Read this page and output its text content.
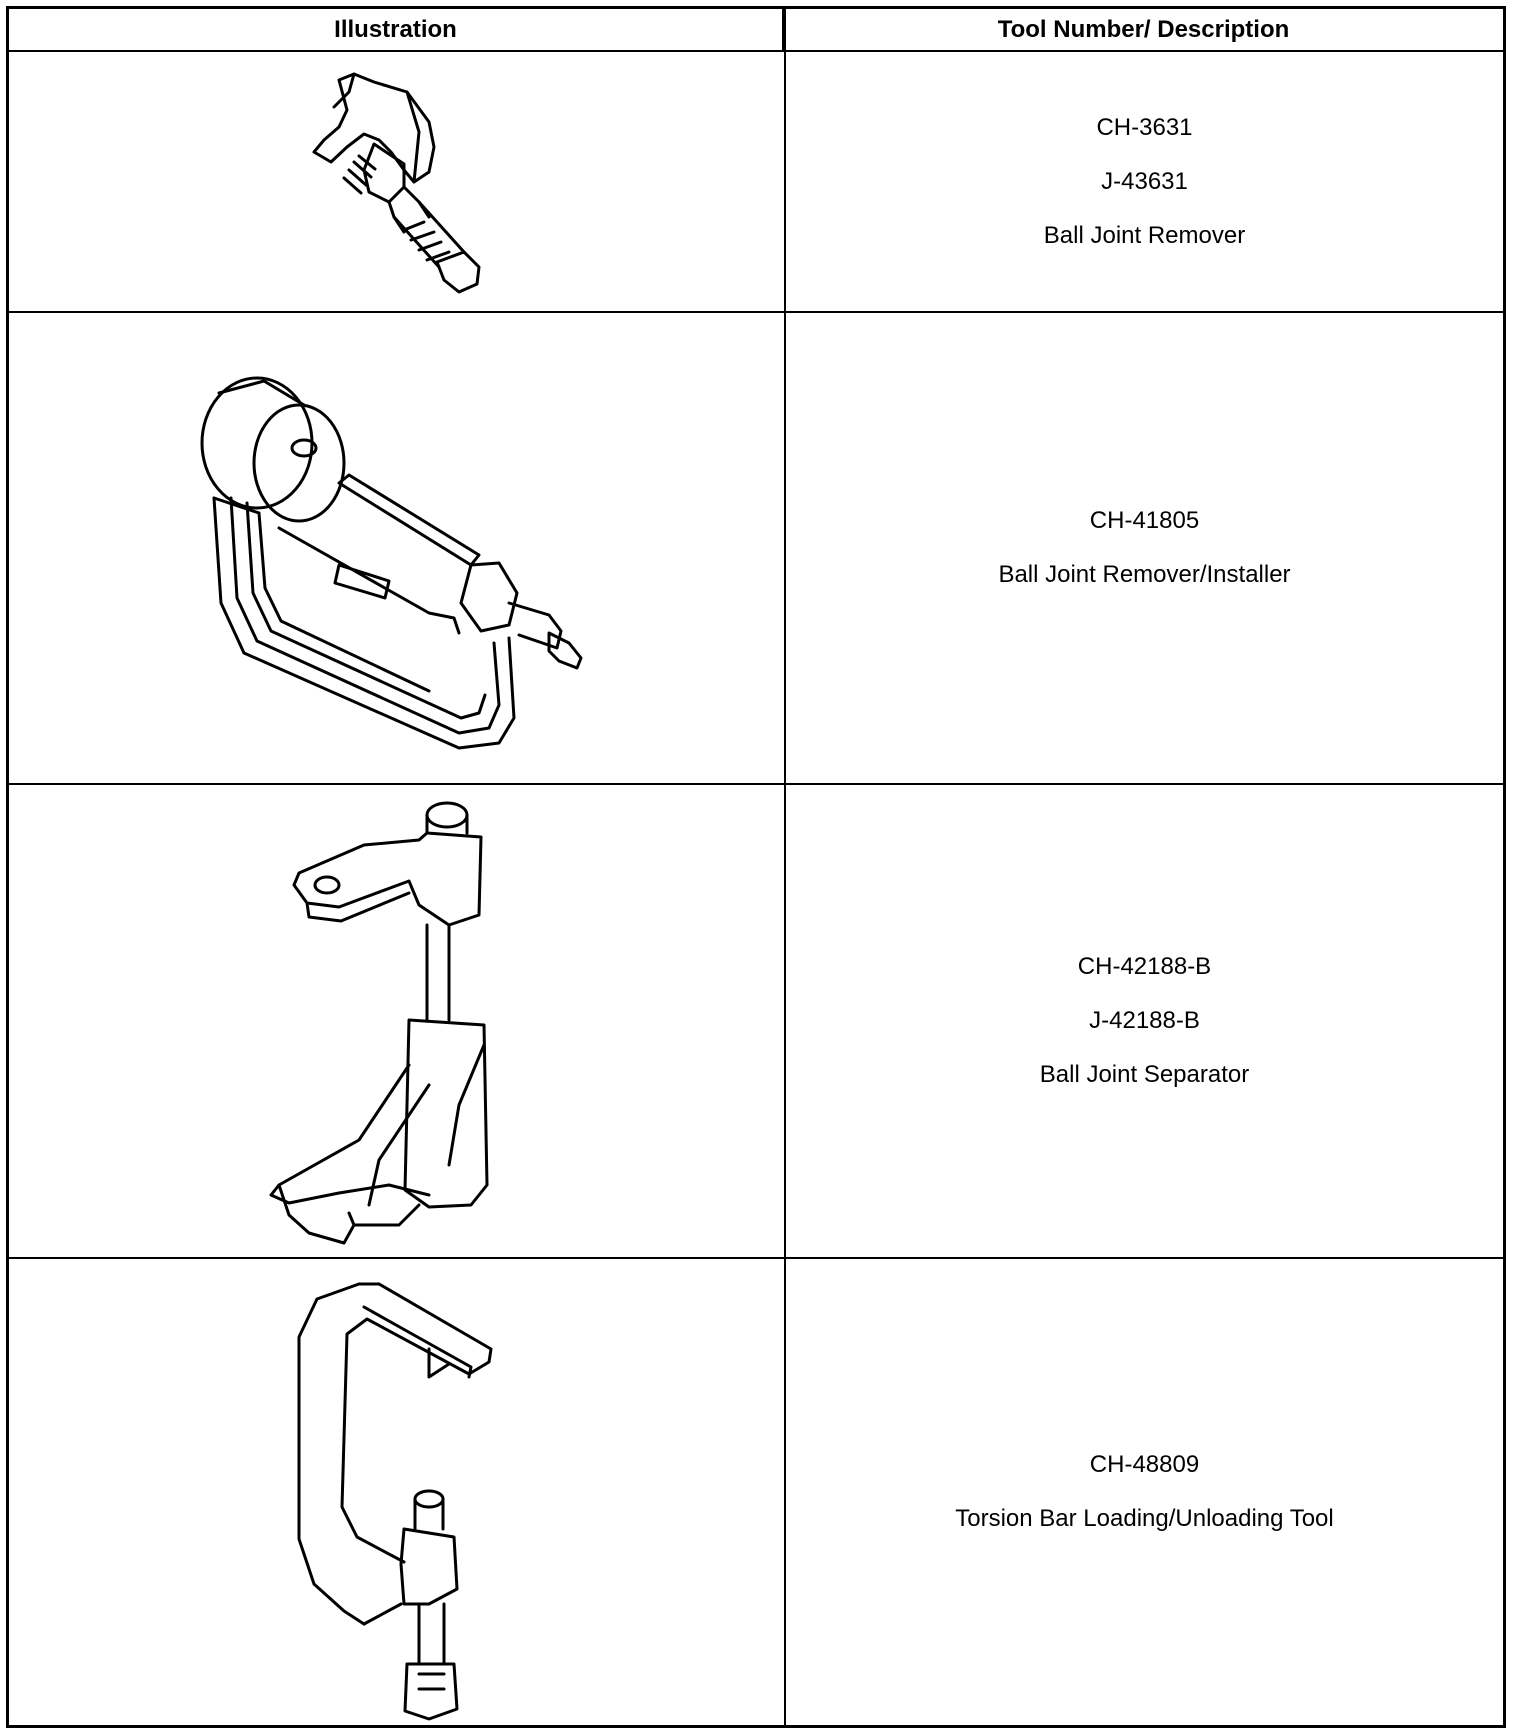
Illustration	Tool Number/ Description
CH-3631
J-43631
Ball Joint Remover
CH-41805
Ball Joint Remover/Installer
CH-42188-B
J-42188-B
Ball Joint Separator
CH-48809
Torsion Bar Loading/Unloading Tool
